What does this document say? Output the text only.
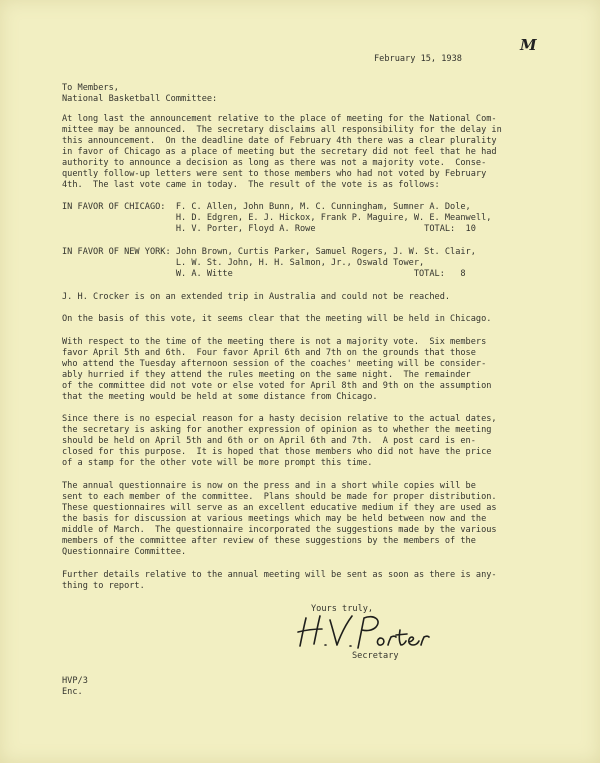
M
February 15, 1938
To Members,
National Basketball Committee:
At long last the announcement relative to the place of meeting for the National Com-
mittee may be announced.  The secretary disclaims all responsibility for the delay in
this announcement.  On the deadline date of February 4th there was a clear plurality
in favor of Chicago as a place of meeting but the secretary did not feel that he had
authority to announce a decision as long as there was not a majority vote.  Conse-
quently follow-up letters were sent to those members who had not voted by February
4th.  The last vote came in today.  The result of the vote is as follows:
IN FAVOR OF CHICAGO:  F. C. Allen, John Bunn, M. C. Cunningham, Sumner A. Dole,
H. D. Edgren, E. J. Hickox, Frank P. Maguire, W. E. Meanwell,
H. V. Porter, Floyd A. Rowe                     TOTAL:  10
IN FAVOR OF NEW YORK: John Brown, Curtis Parker, Samuel Rogers, J. W. St. Clair,
L. W. St. John, H. H. Salmon, Jr., Oswald Tower,
W. A. Witte                                   TOTAL:   8
J. H. Crocker is on an extended trip in Australia and could not be reached.
On the basis of this vote, it seems clear that the meeting will be held in Chicago.
With respect to the time of the meeting there is not a majority vote.  Six members
favor April 5th and 6th.  Four favor April 6th and 7th on the grounds that those
who attend the Tuesday afternoon session of the coaches' meeting will be consider-
ably hurried if they attend the rules meeting on the same night.  The remainder
of the committee did not vote or else voted for April 8th and 9th on the assumption
that the meeting would be held at some distance from Chicago.
Since there is no especial reason for a hasty decision relative to the actual dates,
the secretary is asking for another expression of opinion as to whether the meeting
should be held on April 5th and 6th or on April 6th and 7th.  A post card is en-
closed for this purpose.  It is hoped that those members who did not have the price
of a stamp for the other vote will be more prompt this time.
The annual questionnaire is now on the press and in a short while copies will be
sent to each member of the committee.  Plans should be made for proper distribution.
These questionnaires will serve as an excellent educative medium if they are used as
the basis for discussion at various meetings which may be held between now and the
middle of March.  The questionnaire incorporated the suggestions made by the various
members of the committee after review of these suggestions by the members of the
Questionnaire Committee.
Further details relative to the annual meeting will be sent as soon as there is any-
thing to report.
Yours truly,
Secretary
HVP/3
Enc.
